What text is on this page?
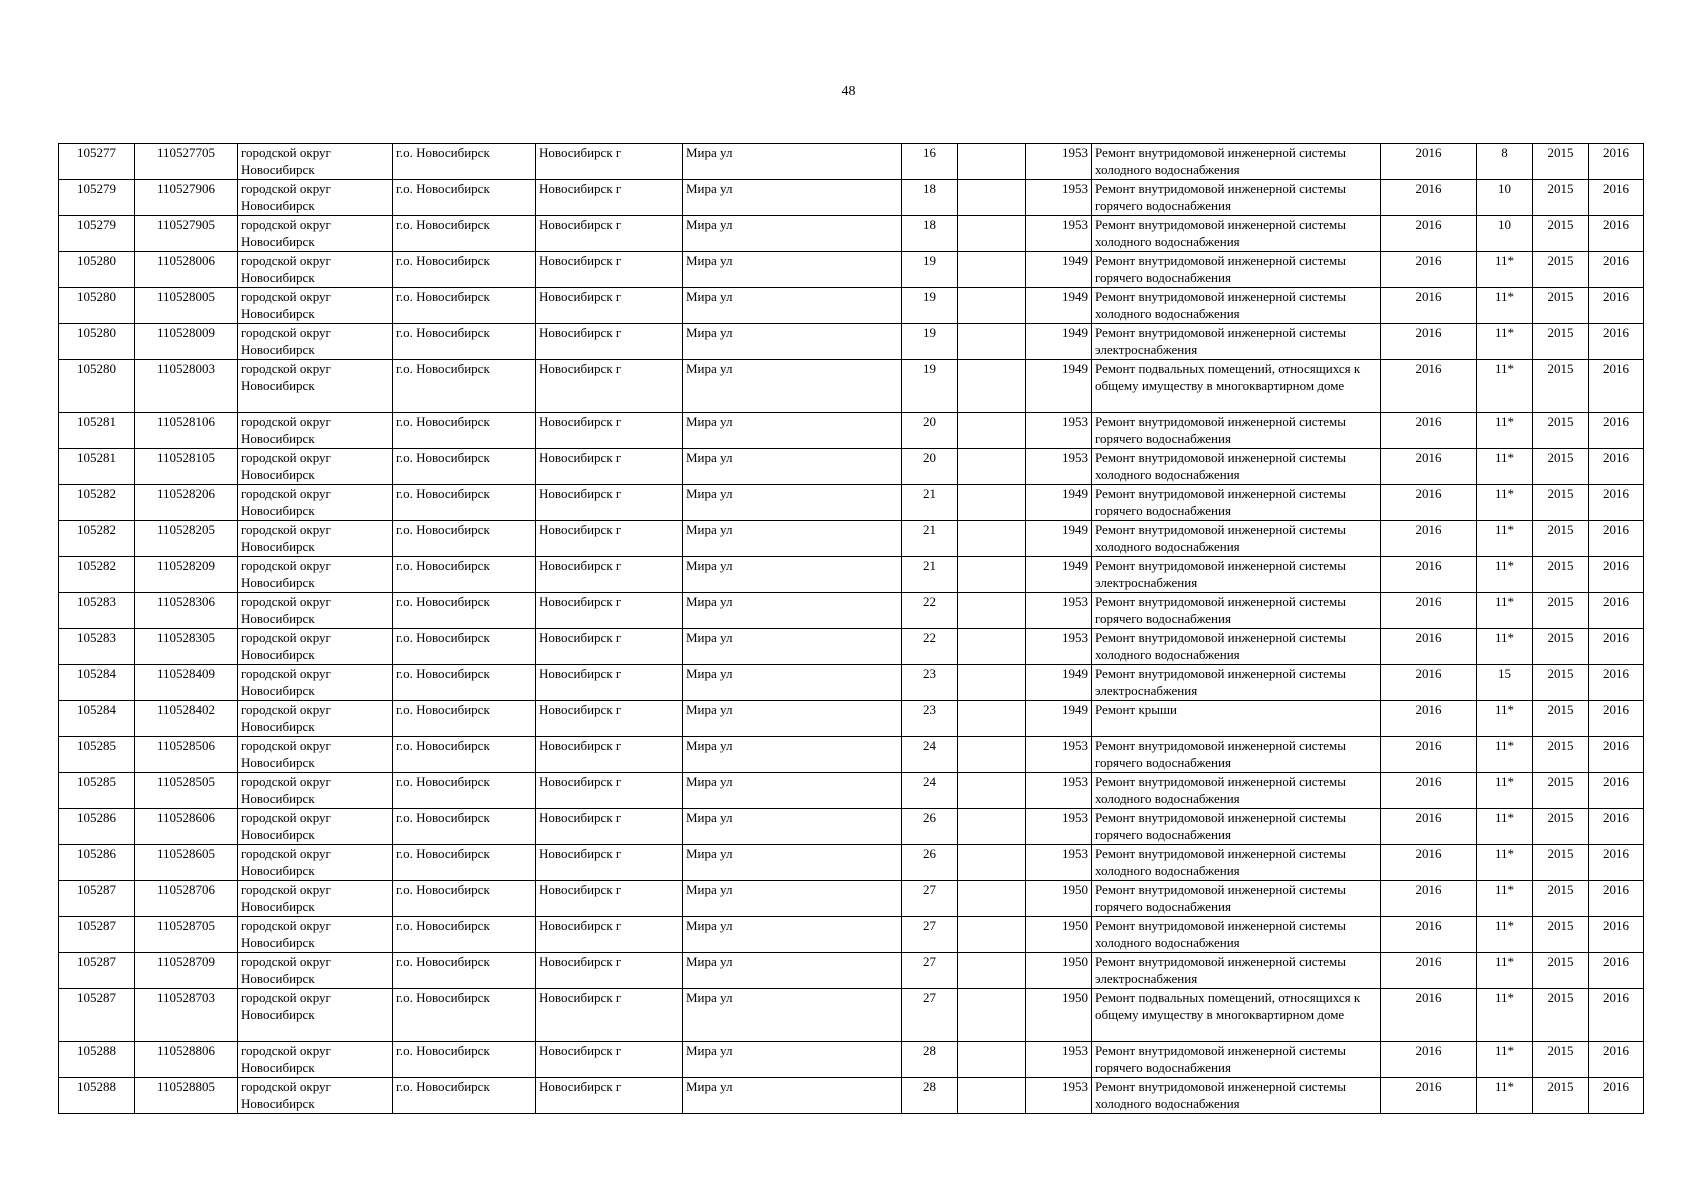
48
105277	110527705	городской округ Новосибирск	г.о. Новосибирск	Новосибирск г	Мира ул	16		1953	Ремонт внутридомовой инженерной системы холодного водоснабжения	2016	8	2015	2016
105279	110527906	городской округ Новосибирск	г.о. Новосибирск	Новосибирск г	Мира ул	18		1953	Ремонт внутридомовой инженерной системы горячего водоснабжения	2016	10	2015	2016
105279	110527905	городской округ Новосибирск	г.о. Новосибирск	Новосибирск г	Мира ул	18		1953	Ремонт внутридомовой инженерной системы холодного водоснабжения	2016	10	2015	2016
105280	110528006	городской округ Новосибирск	г.о. Новосибирск	Новосибирск г	Мира ул	19		1949	Ремонт внутридомовой инженерной системы горячего водоснабжения	2016	11*	2015	2016
105280	110528005	городской округ Новосибирск	г.о. Новосибирск	Новосибирск г	Мира ул	19		1949	Ремонт внутридомовой инженерной системы холодного водоснабжения	2016	11*	2015	2016
105280	110528009	городской округ Новосибирск	г.о. Новосибирск	Новосибирск г	Мира ул	19		1949	Ремонт внутридомовой инженерной системы электроснабжения	2016	11*	2015	2016
105280	110528003	городской округ Новосибирск	г.о. Новосибирск	Новосибирск г	Мира ул	19		1949	Ремонт подвальных помещений, относящихся к общему имуществу в многоквартирном доме	2016	11*	2015	2016
105281	110528106	городской округ Новосибирск	г.о. Новосибирск	Новосибирск г	Мира ул	20		1953	Ремонт внутридомовой инженерной системы горячего водоснабжения	2016	11*	2015	2016
105281	110528105	городской округ Новосибирск	г.о. Новосибирск	Новосибирск г	Мира ул	20		1953	Ремонт внутридомовой инженерной системы холодного водоснабжения	2016	11*	2015	2016
105282	110528206	городской округ Новосибирск	г.о. Новосибирск	Новосибирск г	Мира ул	21		1949	Ремонт внутридомовой инженерной системы горячего водоснабжения	2016	11*	2015	2016
105282	110528205	городской округ Новосибирск	г.о. Новосибирск	Новосибирск г	Мира ул	21		1949	Ремонт внутридомовой инженерной системы холодного водоснабжения	2016	11*	2015	2016
105282	110528209	городской округ Новосибирск	г.о. Новосибирск	Новосибирск г	Мира ул	21		1949	Ремонт внутридомовой инженерной системы электроснабжения	2016	11*	2015	2016
105283	110528306	городской округ Новосибирск	г.о. Новосибирск	Новосибирск г	Мира ул	22		1953	Ремонт внутридомовой инженерной системы горячего водоснабжения	2016	11*	2015	2016
105283	110528305	городской округ Новосибирск	г.о. Новосибирск	Новосибирск г	Мира ул	22		1953	Ремонт внутридомовой инженерной системы холодного водоснабжения	2016	11*	2015	2016
105284	110528409	городской округ Новосибирск	г.о. Новосибирск	Новосибирск г	Мира ул	23		1949	Ремонт внутридомовой инженерной системы электроснабжения	2016	15	2015	2016
105284	110528402	городской округ Новосибирск	г.о. Новосибирск	Новосибирск г	Мира ул	23		1949	Ремонт крыши	2016	11*	2015	2016
105285	110528506	городской округ Новосибирск	г.о. Новосибирск	Новосибирск г	Мира ул	24		1953	Ремонт внутридомовой инженерной системы горячего водоснабжения	2016	11*	2015	2016
105285	110528505	городской округ Новосибирск	г.о. Новосибирск	Новосибирск г	Мира ул	24		1953	Ремонт внутридомовой инженерной системы холодного водоснабжения	2016	11*	2015	2016
105286	110528606	городской округ Новосибирск	г.о. Новосибирск	Новосибирск г	Мира ул	26		1953	Ремонт внутридомовой инженерной системы горячего водоснабжения	2016	11*	2015	2016
105286	110528605	городской округ Новосибирск	г.о. Новосибирск	Новосибирск г	Мира ул	26		1953	Ремонт внутридомовой инженерной системы холодного водоснабжения	2016	11*	2015	2016
105287	110528706	городской округ Новосибирск	г.о. Новосибирск	Новосибирск г	Мира ул	27		1950	Ремонт внутридомовой инженерной системы горячего водоснабжения	2016	11*	2015	2016
105287	110528705	городской округ Новосибирск	г.о. Новосибирск	Новосибирск г	Мира ул	27		1950	Ремонт внутридомовой инженерной системы холодного водоснабжения	2016	11*	2015	2016
105287	110528709	городской округ Новосибирск	г.о. Новосибирск	Новосибирск г	Мира ул	27		1950	Ремонт внутридомовой инженерной системы электроснабжения	2016	11*	2015	2016
105287	110528703	городской округ Новосибирск	г.о. Новосибирск	Новосибирск г	Мира ул	27		1950	Ремонт подвальных помещений, относящихся к общему имуществу в многоквартирном доме	2016	11*	2015	2016
105288	110528806	городской округ Новосибирск	г.о. Новосибирск	Новосибирск г	Мира ул	28		1953	Ремонт внутридомовой инженерной системы горячего водоснабжения	2016	11*	2015	2016
105288	110528805	городской округ Новосибирск	г.о. Новосибирск	Новосибирск г	Мира ул	28		1953	Ремонт внутридомовой инженерной системы холодного водоснабжения	2016	11*	2015	2016
